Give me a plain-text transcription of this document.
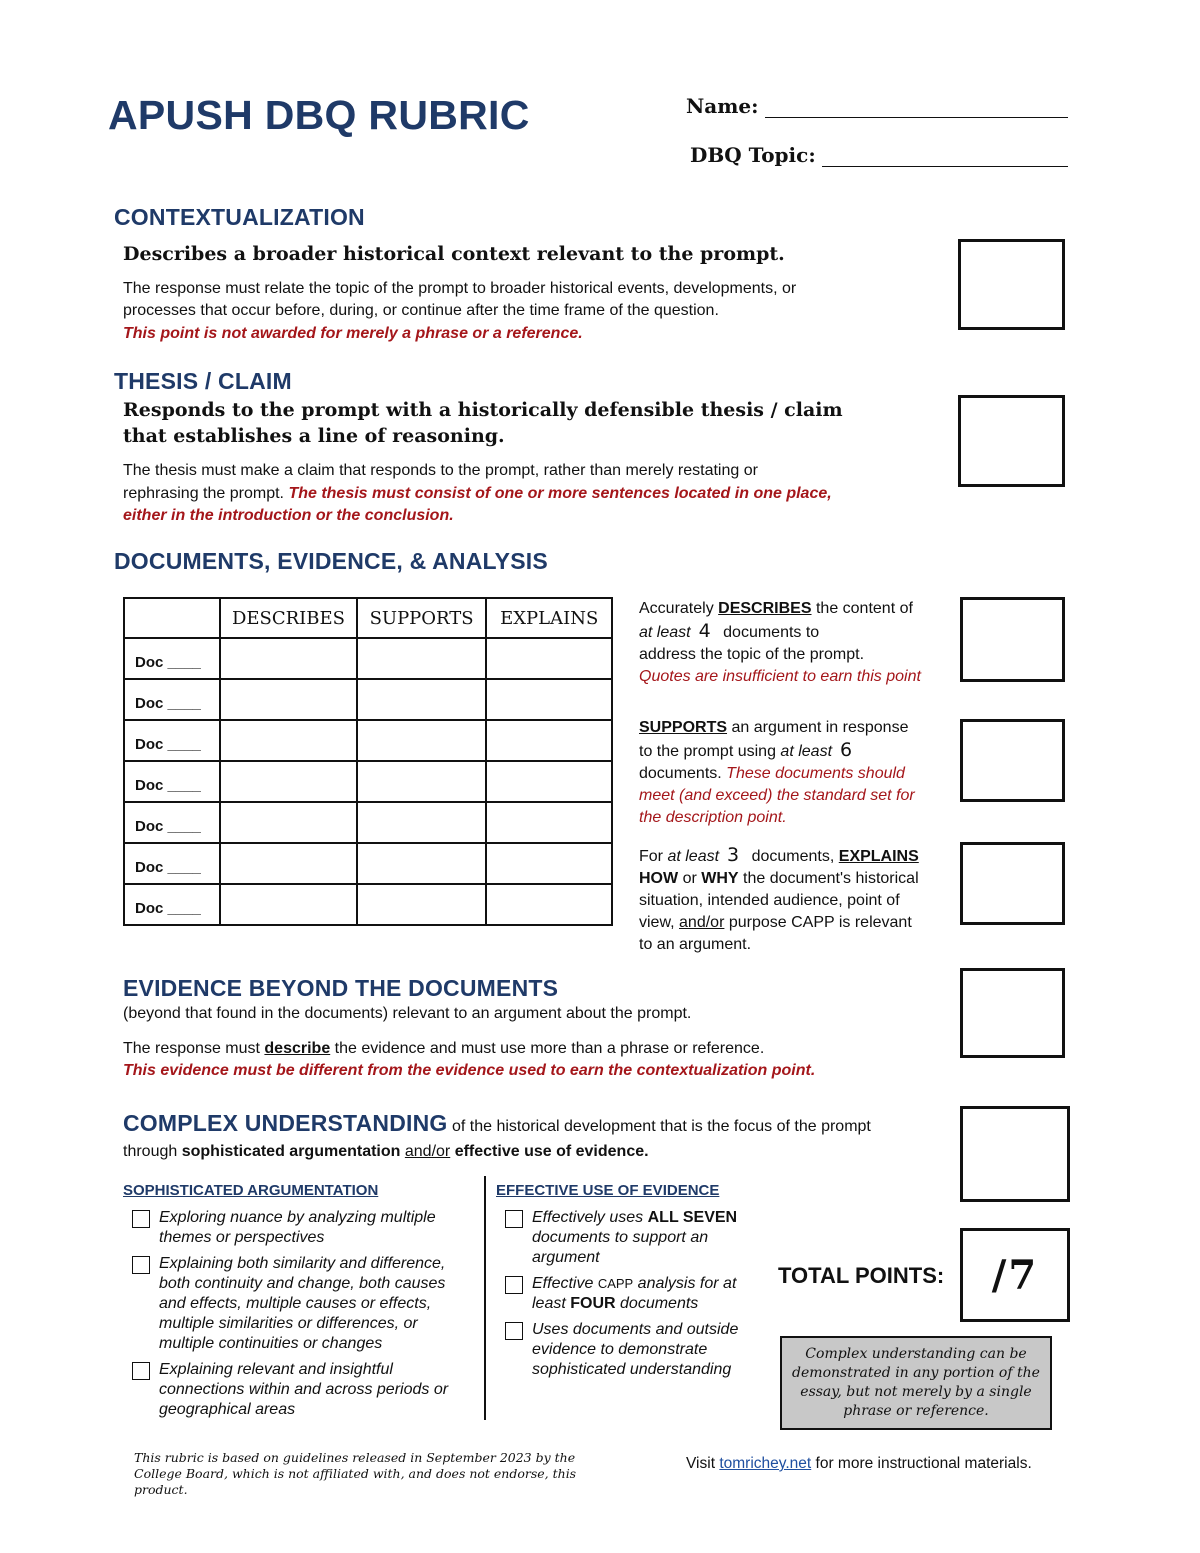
APUSH DBQ RUBRIC	Name:
DBQ Topic:
CONTEXTUALIZATION
Describes a broader historical context relevant to the prompt.
The response must relate the topic of the prompt to broader historical events, developments, or
processes that occur before, during, or continue after the time frame of the question.
This point is not awarded for merely a phrase or a reference.
THESIS / CLAIM
Responds to the prompt with a historically defensible thesis / claim
that establishes a line of reasoning.
The thesis must make a claim that responds to the prompt, rather than merely restating or
rephrasing the prompt. The thesis must consist of one or more sentences located in one place,
either in the introduction or the conclusion.
DOCUMENTS, EVIDENCE, & ANALYSIS
	DESCRIBES	SUPPORTS	EXPLAINS
Doc ____			
Doc ____			
Doc ____			
Doc ____			
Doc ____			
Doc ____			
Doc ____			
Accurately DESCRIBES the content of
at least 4 documents to
address the topic of the prompt.
Quotes are insufficient to earn this point
SUPPORTS an argument in response
to the prompt using at least 6
documents. These documents should
meet (and exceed) the standard set for
the description point.
For at least 3 documents, EXPLAINS
HOW or WHY the document's historical
situation, intended audience, point of
view, and/or purpose CAPP is relevant
to an argument.
EVIDENCE BEYOND THE DOCUMENTS
(beyond that found in the documents) relevant to an argument about the prompt.
The response must describe the evidence and must use more than a phrase or reference.
This evidence must be different from the evidence used to earn the contextualization point.
COMPLEX UNDERSTANDING of the historical development that is the focus of the prompt
through sophisticated argumentation and/or effective use of evidence.
SOPHISTICATED ARGUMENTATION	EFFECTIVE USE OF EVIDENCE
Exploring nuance by analyzing multiple themes or perspectives
Explaining both similarity and difference, both continuity and change, both causes and effects, multiple causes or effects, multiple similarities or differences, or multiple continuities or changes
Explaining relevant and insightful connections within and across periods or geographical areas
Effectively uses ALL SEVEN documents to support an argument
Effective CAPP analysis for at least FOUR documents
Uses documents and outside evidence to demonstrate sophisticated understanding
TOTAL POINTS:	/7
Complex understanding can be demonstrated in any portion of the essay, but not merely by a single phrase or reference.
This rubric is based on guidelines released in September 2023 by the College Board, which is not affiliated with, and does not endorse, this product.
Visit tomrichey.net for more instructional materials.
